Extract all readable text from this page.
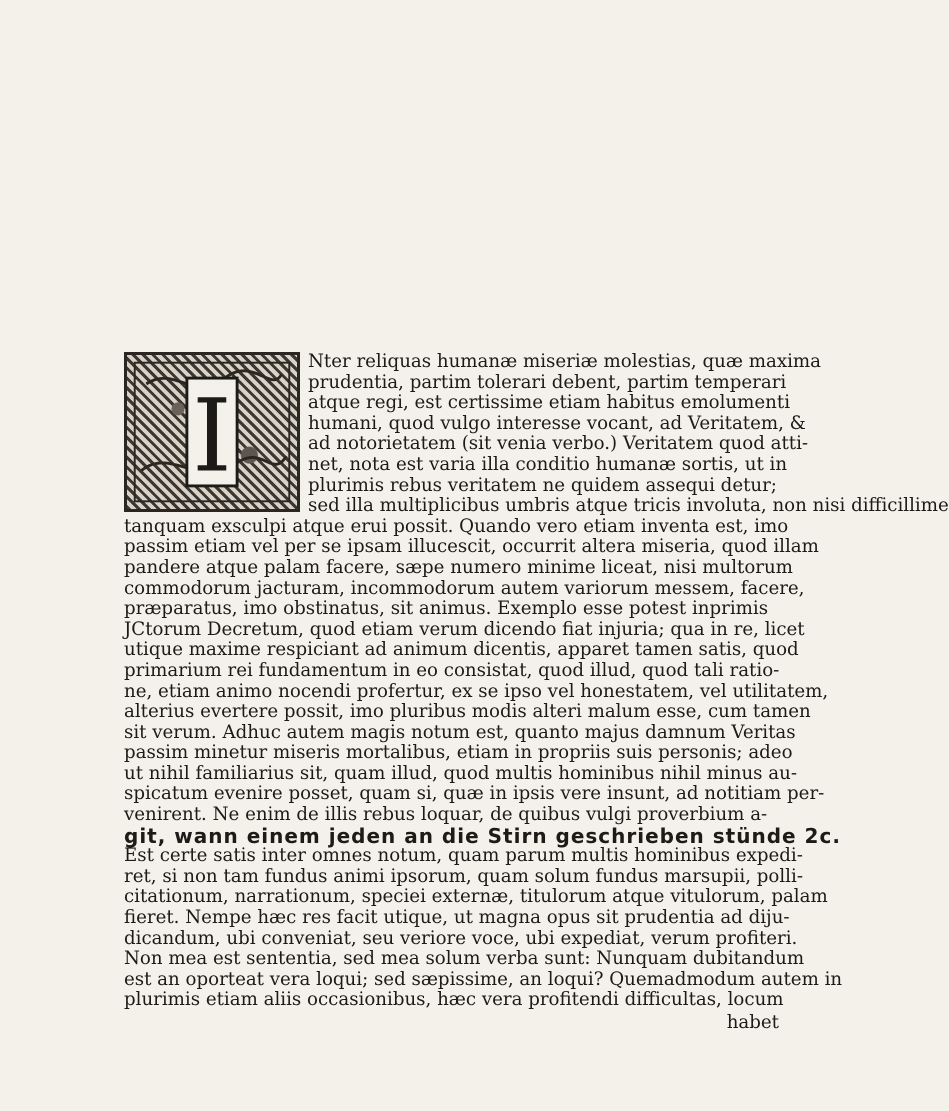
I
Nter reliquas humanæ miseriæ molestias, quæ maxima
prudentia, partim tolerari debent, partim temperari
atque regi, est certissime etiam habitus emolumenti
humani, quod vulgo interesse vocant, ad Veritatem, &
ad notorietatem (sit venia verbo.) Veritatem quod atti-
net, nota est varia illa conditio humanæ sortis, ut in
plurimis rebus veritatem ne quidem assequi detur;
sed illa multiplicibus umbris atque tricis involuta, non nisi difficillime
tanquam exsculpi atque erui possit. Quando vero etiam inventa est, imo
passim etiam vel per se ipsam illucescit, occurrit altera miseria, quod illam
pandere atque palam facere, sæpe numero minime liceat, nisi multorum
commodorum jacturam, incommodorum autem variorum messem, facere,
præparatus, imo obstinatus, sit animus. Exemplo esse potest inprimis
JCtorum Decretum, quod etiam verum dicendo fiat injuria; qua in re, licet
utique maxime respiciant ad animum dicentis, apparet tamen satis, quod
primarium rei fundamentum in eo consistat, quod illud, quod tali ratio-
ne, etiam animo nocendi profertur, ex se ipso vel honestatem, vel utilitatem,
alterius evertere possit, imo pluribus modis alteri malum esse, cum tamen
sit verum. Adhuc autem magis notum est, quanto majus damnum Veritas
passim minetur miseris mortalibus, etiam in propriis suis personis; adeo
ut nihil familiarius sit, quam illud, quod multis hominibus nihil minus au-
spicatum evenire posset, quam si, quæ in ipsis vere insunt, ad notitiam per-
venirent. Ne enim de illis rebus loquar, de quibus vulgi proverbium a-
git, wann einem jeden an die Stirn geschrieben stünde 2c.
Est certe satis inter omnes notum, quam parum multis hominibus expedi-
ret, si non tam fundus animi ipsorum, quam solum fundus marsupii, polli-
citationum, narrationum, speciei externæ, titulorum atque vitulorum, palam
fieret. Nempe hæc res facit utique, ut magna opus sit prudentia ad diju-
dicandum, ubi conveniat, seu veriore voce, ubi expediat, verum profiteri.
Non mea est sententia, sed mea solum verba sunt: Nunquam dubitandum
est an oporteat vera loqui; sed sæpissime, an loqui? Quemadmodum autem in
plurimis etiam aliis occasionibus, hæc vera profitendi difficultas, locum
habet
